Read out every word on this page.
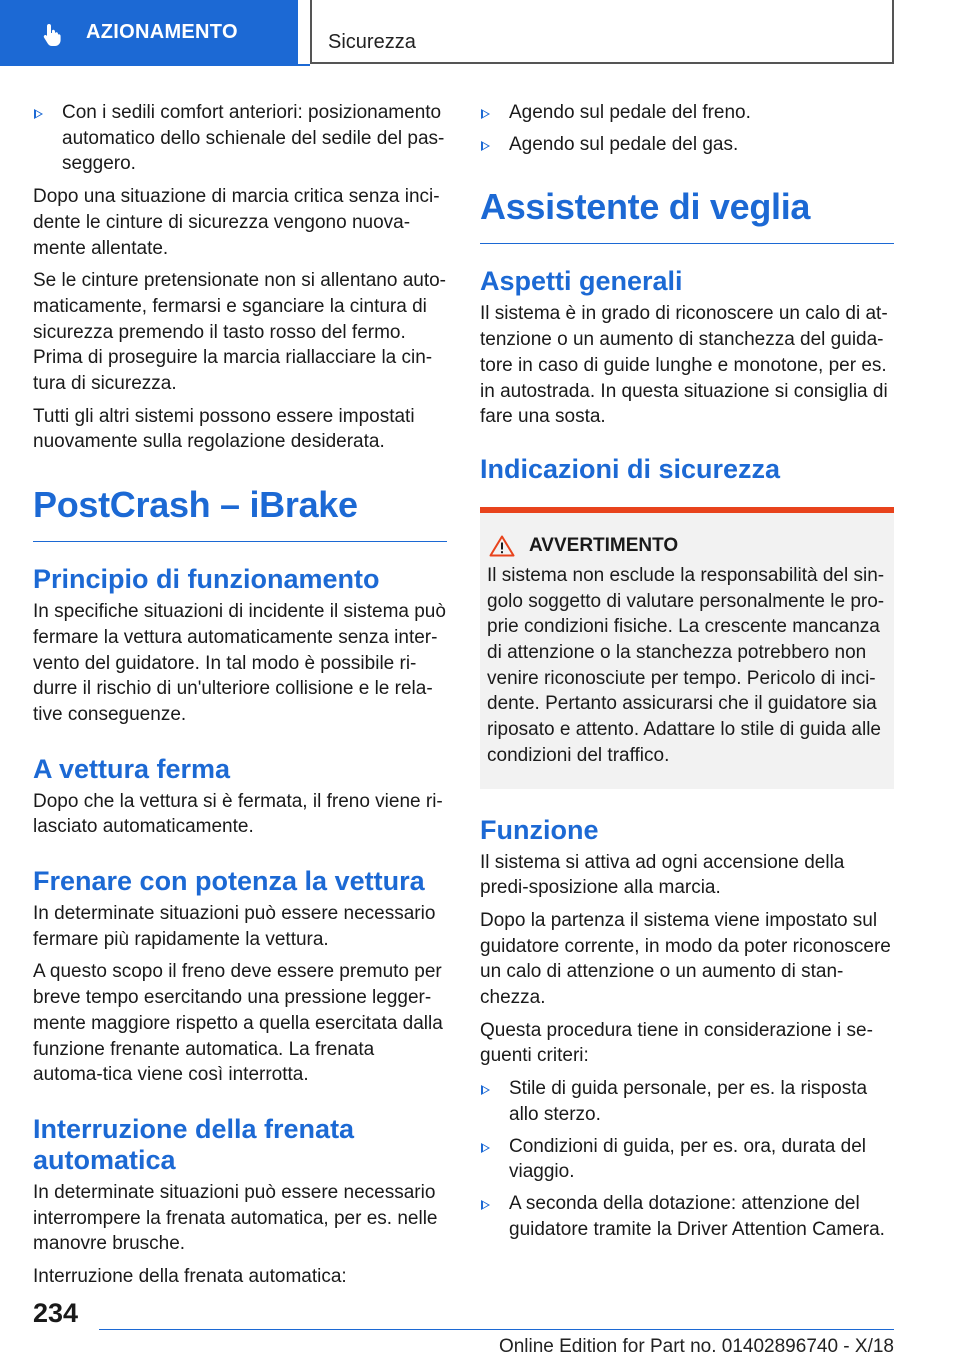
AZIONAMENTO	Sicurezza
Con i sedili comfort anteriori: posizionamento automatico dello schienale del sedile del pas-seggero.

Dopo una situazione di marcia critica senza inci-dente le cinture di sicurezza vengono nuova-mente allentate.

Se le cinture pretensionate non si allentano auto-maticamente, fermarsi e sganciare la cintura di sicurezza premendo il tasto rosso del fermo. Prima di proseguire la marcia riallacciare la cin-tura di sicurezza.

Tutti gli altri sistemi possono essere impostati nuovamente sulla regolazione desiderata.

PostCrash – iBrake
Principio di funzionamento

In specifiche situazioni di incidente il sistema può fermare la vettura automaticamente senza inter-vento del guidatore. In tal modo è possibile ri-durre il rischio di un'ulteriore collisione e le rela-tive conseguenze.

A vettura ferma

Dopo che la vettura si è fermata, il freno viene ri-lasciato automaticamente.

Frenare con potenza la vettura

In determinate situazioni può essere necessario fermare più rapidamente la vettura.

A questo scopo il freno deve essere premuto per breve tempo esercitando una pressione legger-mente maggiore rispetto a quella esercitata dalla funzione frenante automatica. La frenata automa-tica viene così interrotta.

Interruzione della frenata automatica

In determinate situazioni può essere necessario interrompere la frenata automatica, per es. nelle manovre brusche.

Interruzione della frenata automatica:

Agendo sul pedale del freno.
Agendo sul pedale del gas.
Assistente di veglia
Aspetti generali

Il sistema è in grado di riconoscere un calo di at-tenzione o un aumento di stanchezza del guida-tore in caso di guide lunghe e monotone, per es. in autostrada. In questa situazione si consiglia di fare una sosta.

Indicazioni di sicurezza
AVVERTIMENTO

Il sistema non esclude la responsabilità del sin-golo soggetto di valutare personalmente le pro-prie condizioni fisiche. La crescente mancanza di attenzione o la stanchezza potrebbero non venire riconosciute per tempo. Pericolo di inci-dente. Pertanto assicurarsi che il guidatore sia riposato e attento. Adattare lo stile di guida alle condizioni del traffico.

Funzione

Il sistema si attiva ad ogni accensione della predi-sposizione alla marcia.

Dopo la partenza il sistema viene impostato sul guidatore corrente, in modo da poter riconoscere un calo di attenzione o un aumento di stan-chezza.

Questa procedura tiene in considerazione i se-guenti criteri:

Stile di guida personale, per es. la risposta allo sterzo.
Condizioni di guida, per es. ora, durata del viaggio.
A seconda della dotazione: attenzione del guidatore tramite la Driver Attention Camera.
234
Online Edition for Part no. 01402896740 - X/18
